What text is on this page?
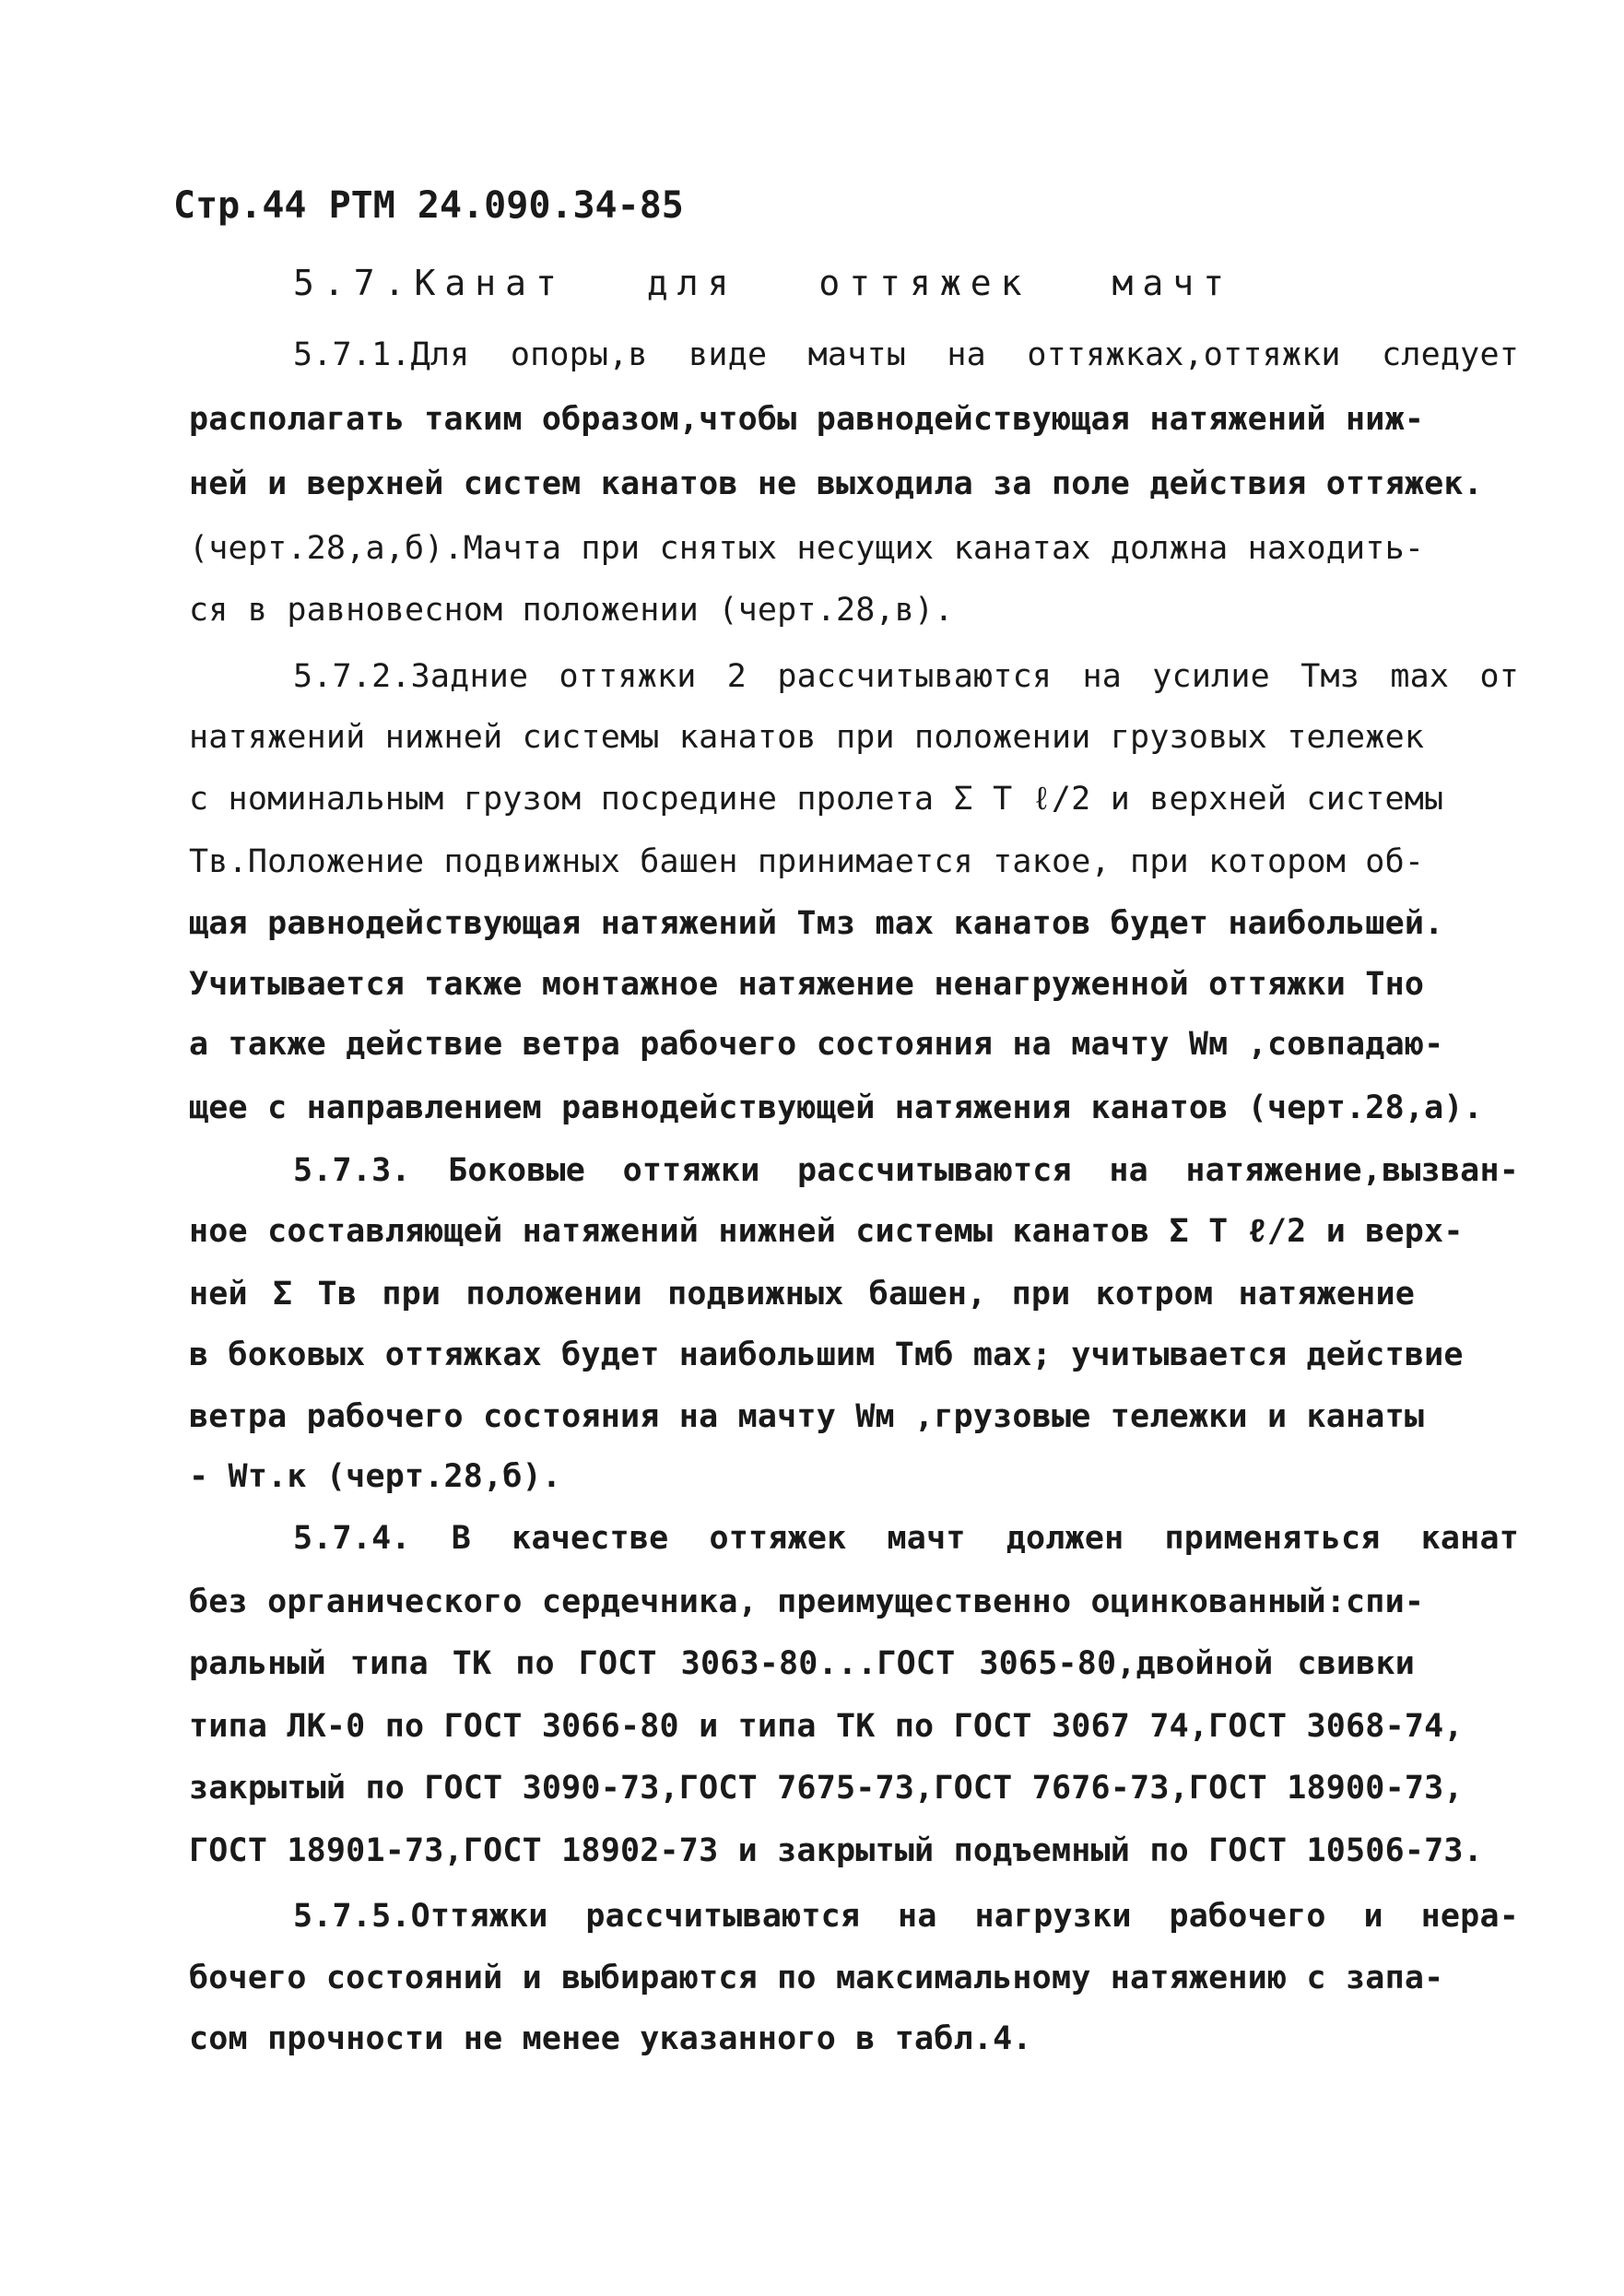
Стр.44 РТМ 24.090.34-85
5.7.Канат для оттяжек мачт
5.7.1.Для опоры,в виде мачты на оттяжках,оттяжки следует
располагать таким образом,чтобы равнодействующая натяжений ниж-
ней и верхней систем канатов не выходила за поле действия оттяжек.
(черт.28,а,б).Мачта при снятых несущих канатах должна находить-
ся в равновесном положении (черт.28,в).
5.7.2.Задние оттяжки 2 рассчитываются на усилие Тмз max от
натяжений нижней системы канатов при положении грузовых тележек
с номинальным грузом посредине пролета Σ Т ℓ/2 и верхней системы
Тв.Положение подвижных башен принимается такое, при котором об-
щая равнодействующая натяжений Тмз max канатов будет наибольшей.
Учитывается также монтажное натяжение ненагруженной оттяжки Тно
а также действие ветра рабочего состояния на мачту Wм ,совпадаю-
щее с направлением равнодействующей натяжения канатов (черт.28,а).
5.7.3. Боковые оттяжки рассчитываются на натяжение,вызван-
ное составляющей натяжений нижней системы канатов Σ Т ℓ/2 и верх-
ней Σ Тв при положении подвижных башен, при котром натяжение
в боковых оттяжках будет наибольшим Тмб max; учитывается действие
ветра рабочего состояния на мачту Wм ,грузовые тележки и канаты
- Wт.к (черт.28,б).
5.7.4. В качестве оттяжек мачт должен применяться канат
без органического сердечника, преимущественно оцинкованный:спи-
ральный типа ТК по ГОСТ 3063-80...ГОСТ 3065-80,двойной свивки
типа ЛК-0 по ГОСТ 3066-80 и типа ТК по ГОСТ 3067 74,ГОСТ 3068-74,
закрытый по ГОСТ 3090-73,ГОСТ 7675-73,ГОСТ 7676-73,ГОСТ 18900-73,
ГОСТ 18901-73,ГОСТ 18902-73 и закрытый подъемный по ГОСТ 10506-73.
5.7.5.Оттяжки рассчитываются на нагрузки рабочего и нера-
бочего состояний и выбираются по максимальному натяжению с запа-
сом прочности не менее указанного в табл.4.
